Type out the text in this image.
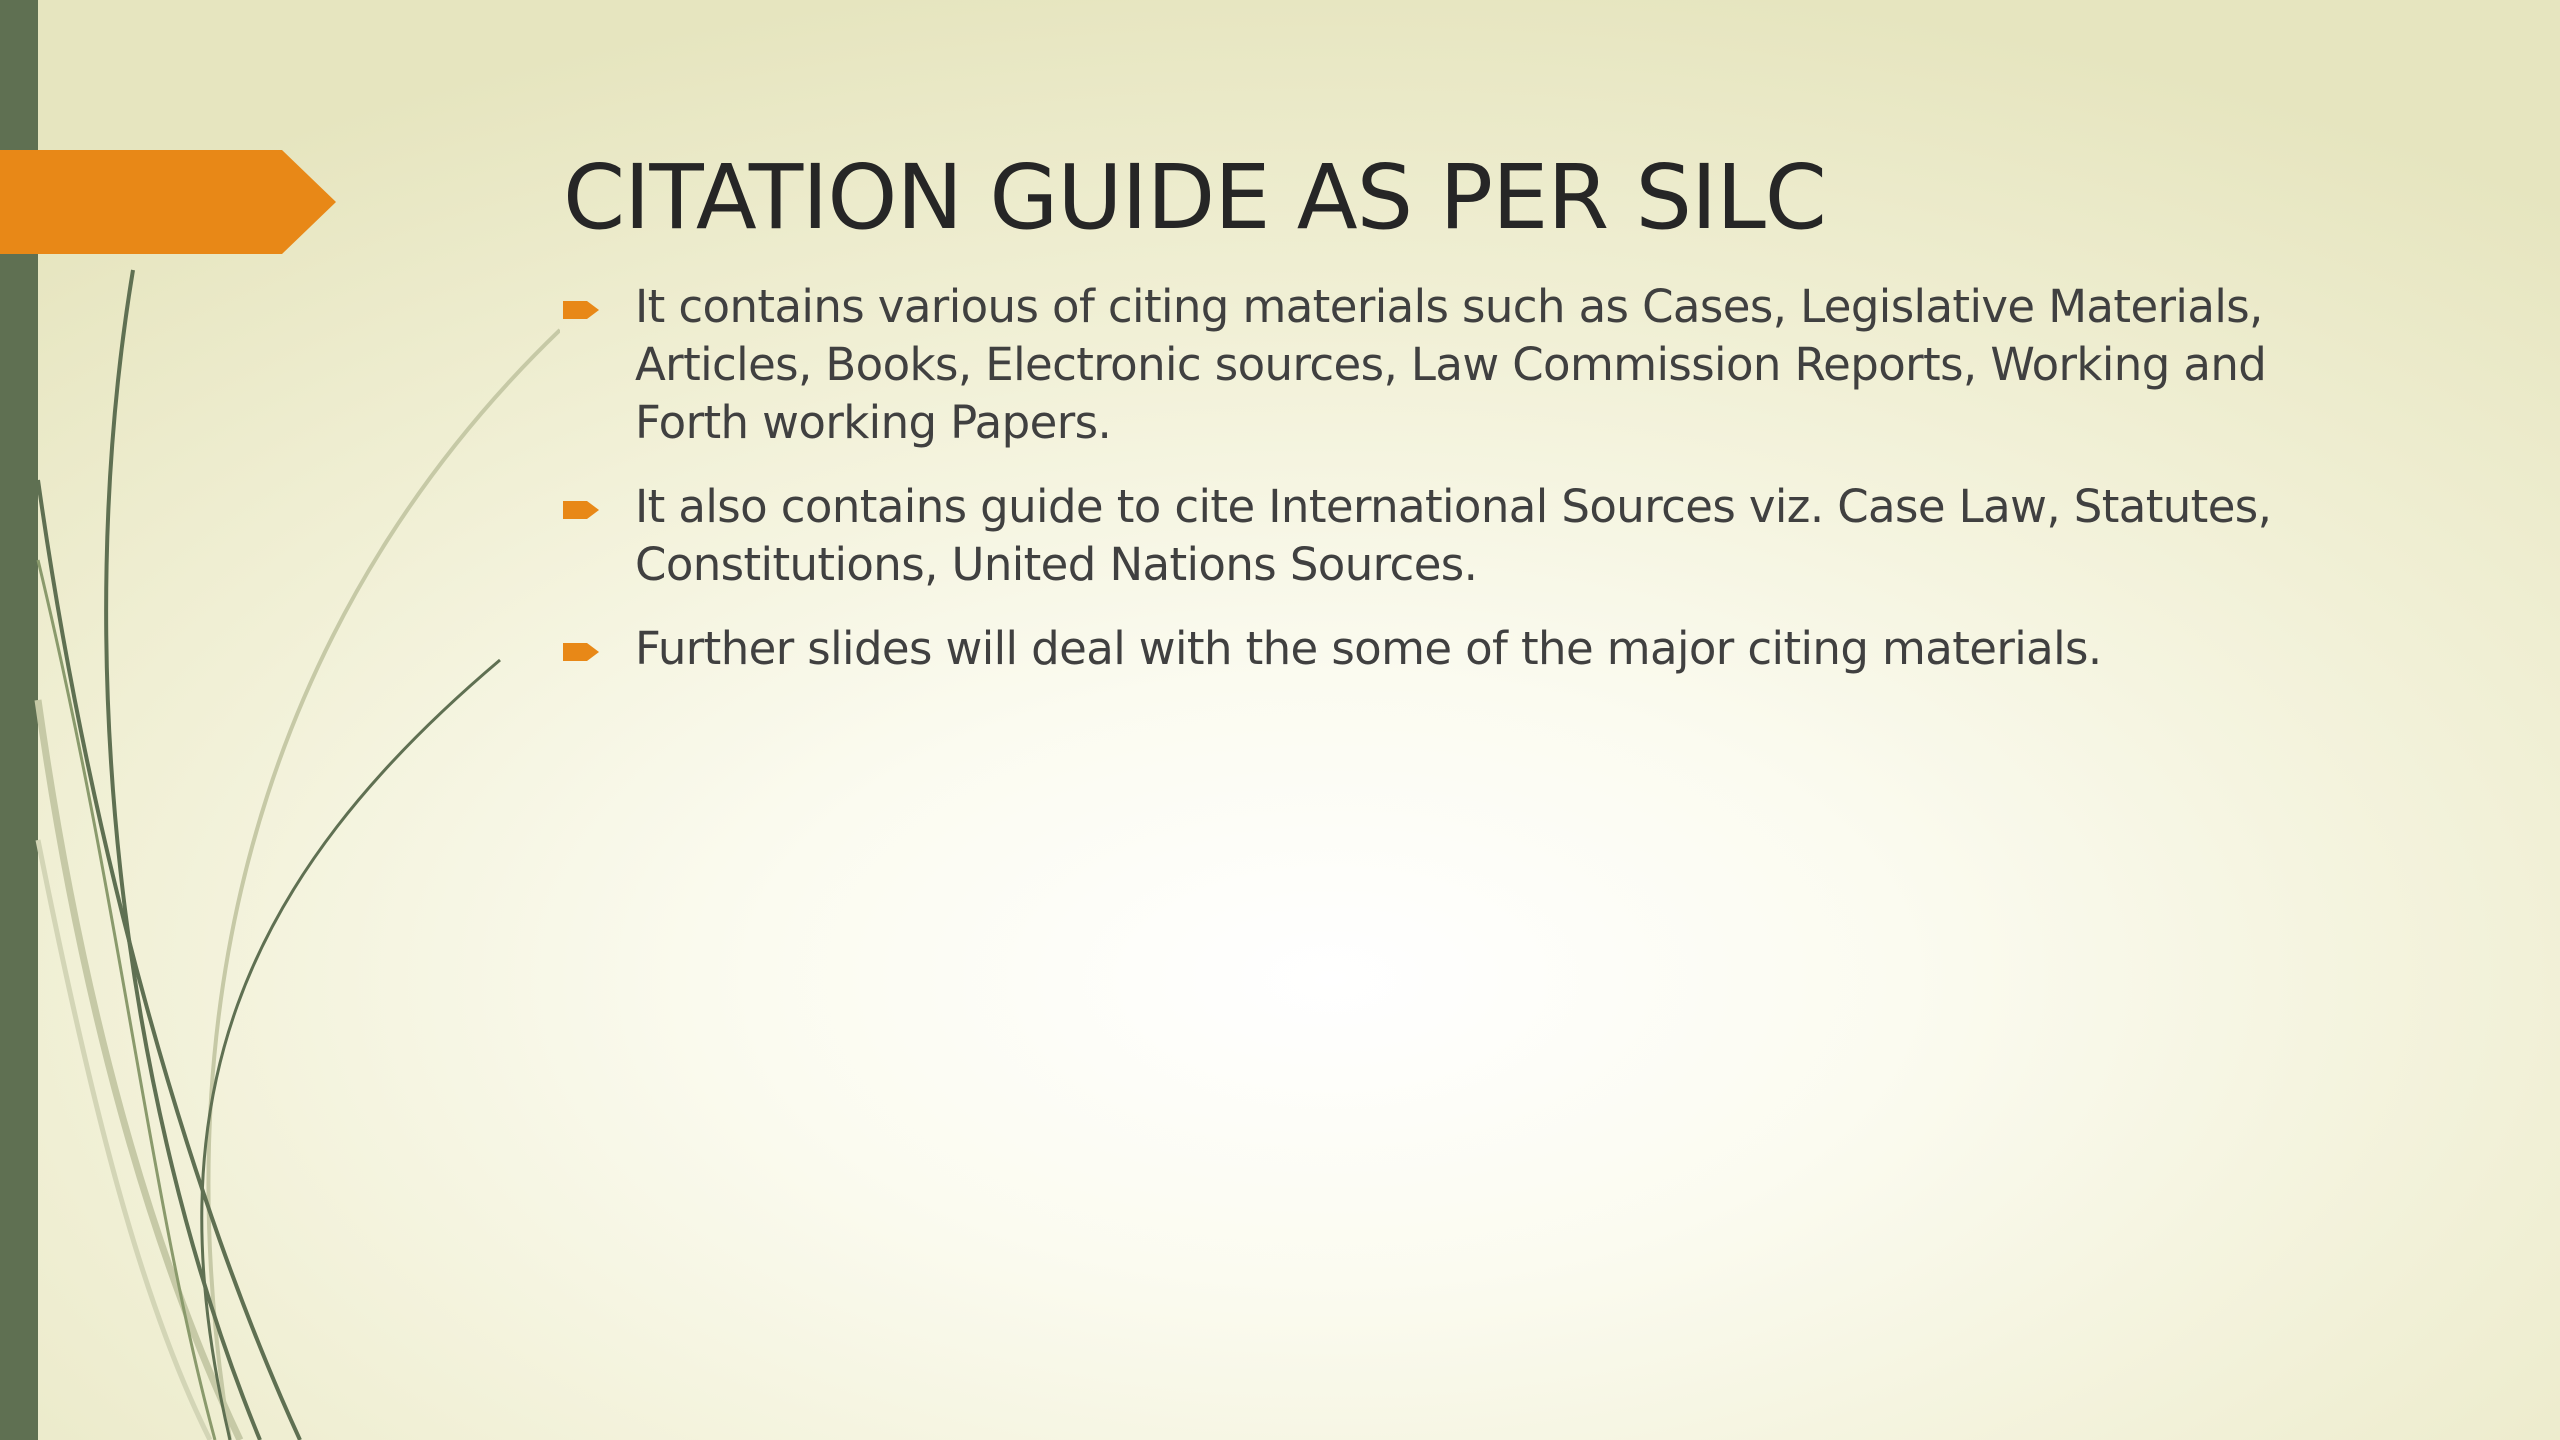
CITATION GUIDE AS PER SILC
It contains various of citing materials such as Cases, Legislative Materials, Articles, Books, Electronic sources, Law Commission Reports, Working and Forth working Papers.
It also contains guide to cite International Sources viz. Case Law, Statutes, Constitutions, United Nations Sources.
Further slides will deal with the some of the major citing materials.
